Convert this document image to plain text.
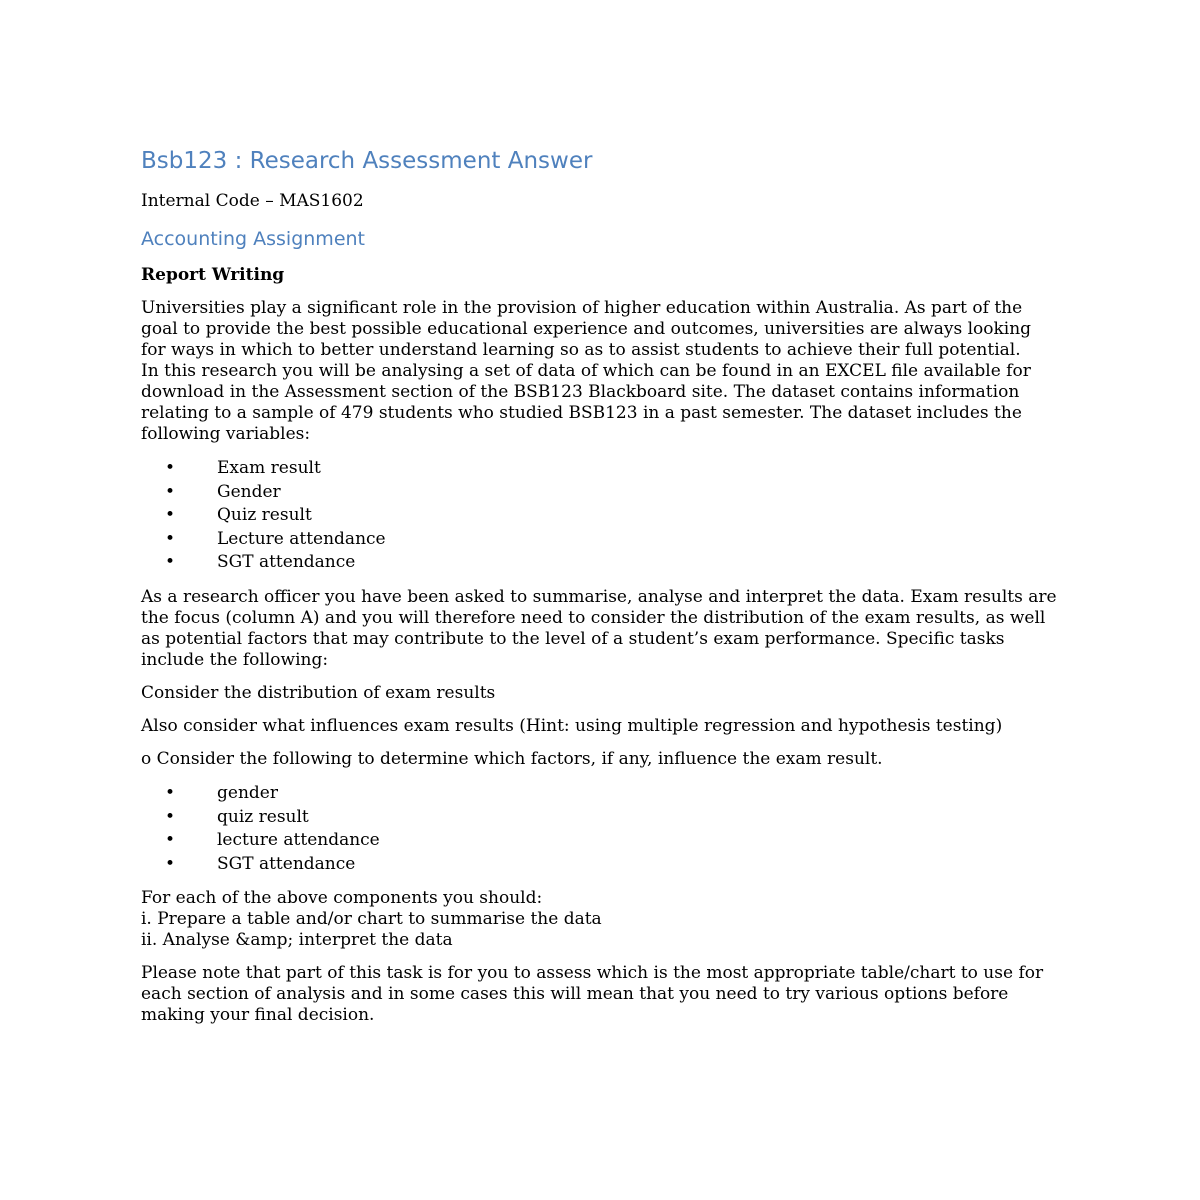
Bsb123 : Research Assessment Answer
Internal Code – MAS1602
Accounting Assignment
Report Writing

Universities play a significant role in the provision of higher education within Australia. As part of the goal to provide the best possible educational experience and outcomes, universities are always looking for ways in which to better understand learning so as to assist students to achieve their full potential.

In this research you will be analysing a set of data of which can be found in an EXCEL file available for download in the Assessment section of the BSB123 Blackboard site. The dataset contains information relating to a sample of 479 students who studied BSB123 in a past semester. The dataset includes the following variables:

• Exam result
• Gender
• Quiz result
• Lecture attendance
• SGT attendance

As a research officer you have been asked to summarise, analyse and interpret the data. Exam results are the focus (column A) and you will therefore need to consider the distribution of the exam results, as well as potential factors that may contribute to the level of a student’s exam performance. Specific tasks include the following:

Consider the distribution of exam results

Also consider what influences exam results (Hint: using multiple regression and hypothesis testing)

o Consider the following to determine which factors, if any, influence the exam result.

• gender
• quiz result
• lecture attendance
• SGT attendance

For each of the above components you should:

i. Prepare a table and/or chart to summarise the data

ii. Analyse &amp; interpret the data

Please note that part of this task is for you to assess which is the most appropriate table/chart to use for each section of analysis and in some cases this will mean that you need to try various options before making your final decision.
